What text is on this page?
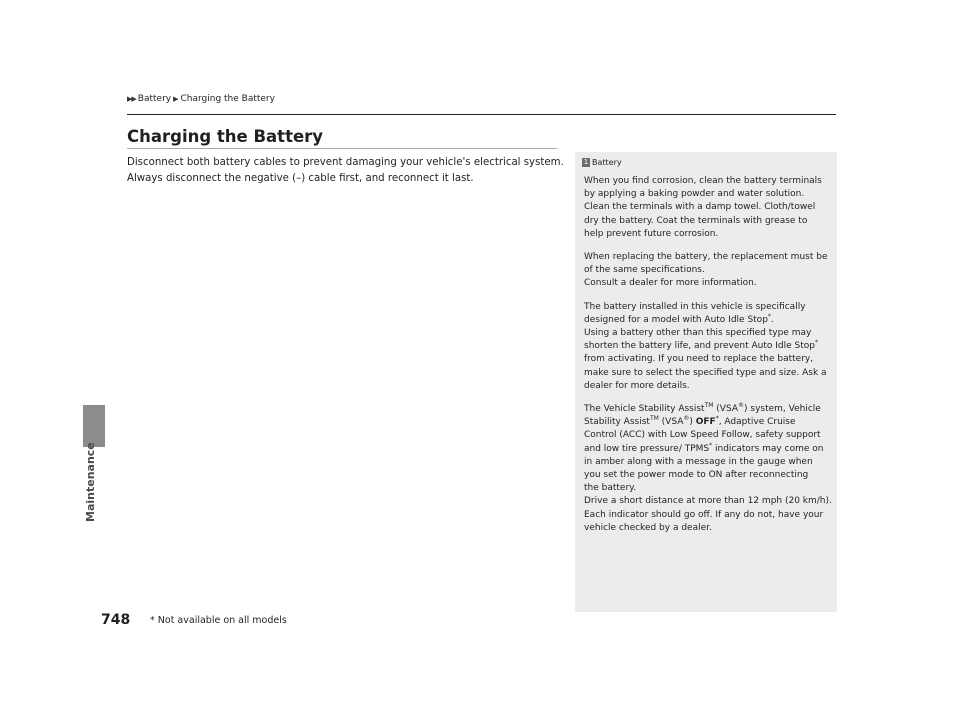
Maintenance
▶▶ Battery ▶ Charging the Battery
Charging the Battery

Disconnect both battery cables to prevent damaging your vehicle's electrical system.

Always disconnect the negative (–) cable first, and reconnect it last.

1 Battery

When you find corrosion, clean the battery terminals

by applying a baking powder and water solution.

Clean the terminals with a damp towel. Cloth/towel

dry the battery. Coat the terminals with grease to

help prevent future corrosion.

When replacing the battery, the replacement must be

of the same specifications.

Consult a dealer for more information.

The battery installed in this vehicle is specifically

designed for a model with Auto Idle Stop*.

Using a battery other than this specified type may

shorten the battery life, and prevent Auto Idle Stop*

from activating. If you need to replace the battery,

make sure to select the specified type and size. Ask a

dealer for more details.

The Vehicle Stability Assist™ (VSA®) system, Vehicle

Stability Assist™ (VSA®) OFF*, Adaptive Cruise

Control (ACC) with Low Speed Follow, safety support

and low tire pressure/ TPMS* indicators may come on

in amber along with a message in the gauge when

you set the power mode to ON after reconnecting

the battery.

Drive a short distance at more than 12 mph (20 km/h).

Each indicator should go off. If any do not, have your

vehicle checked by a dealer.

748 * Not available on all models
